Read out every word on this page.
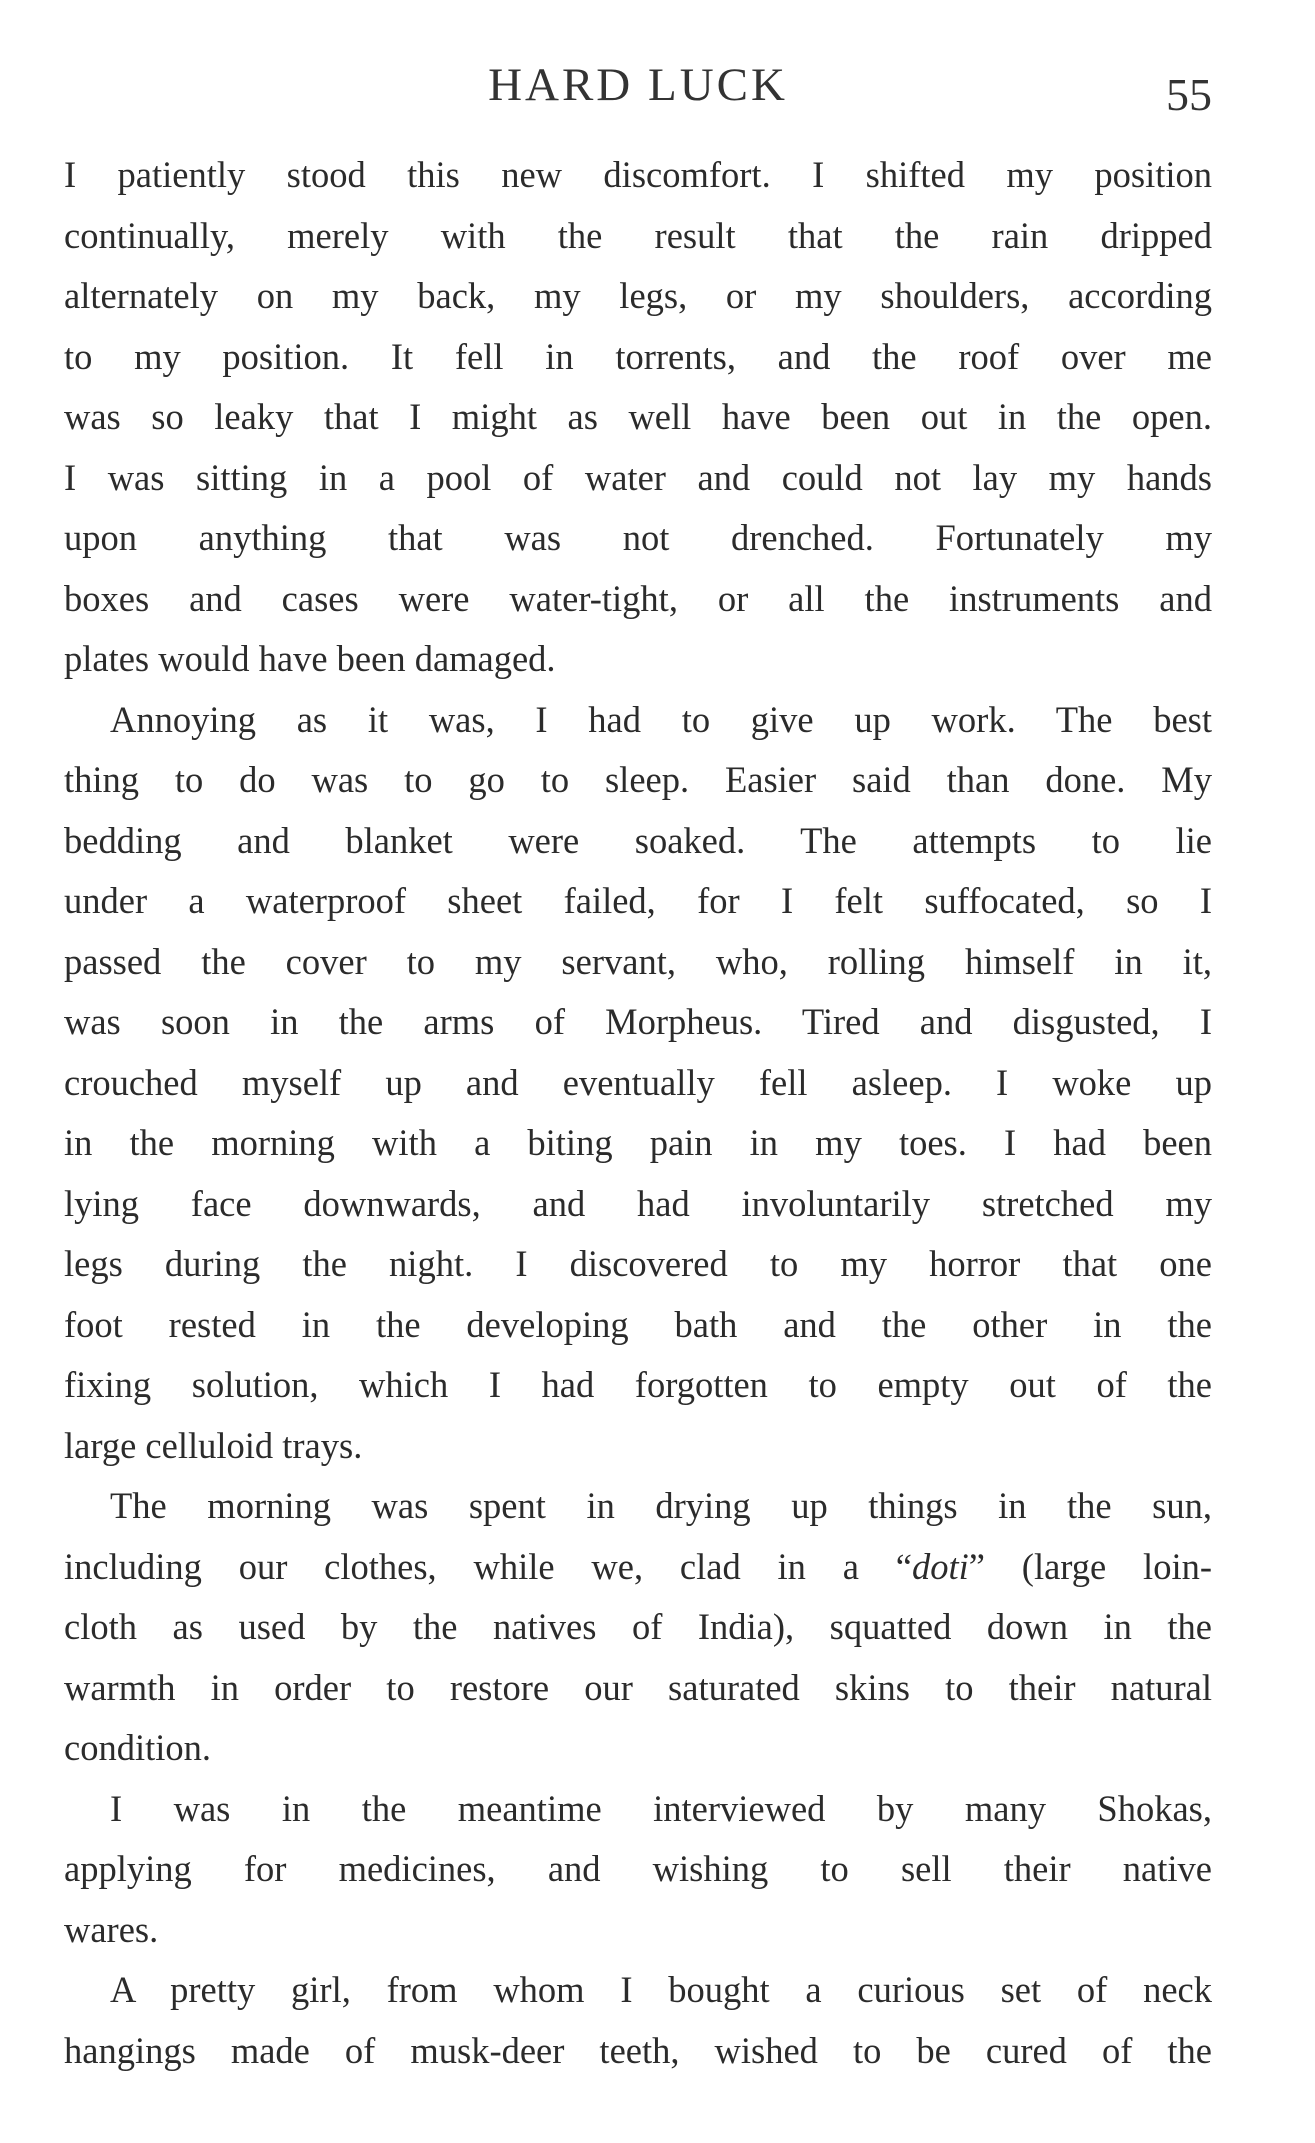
HARD LUCK	55

I patiently stood this new discomfort. I shifted my position
continually, merely with the result that the rain dripped
alternately on my back, my legs, or my shoulders, according
to my position. It fell in torrents, and the roof over me
was so leaky that I might as well have been out in the open.
I was sitting in a pool of water and could not lay my hands
upon anything that was not drenched. Fortunately my
boxes and cases were water-tight, or all the instruments and
plates would have been damaged.

Annoying as it was, I had to give up work. The best
thing to do was to go to sleep. Easier said than done. My
bedding and blanket were soaked. The attempts to lie
under a waterproof sheet failed, for I felt suffocated, so I
passed the cover to my servant, who, rolling himself in it,
was soon in the arms of Morpheus. Tired and disgusted, I
crouched myself up and eventually fell asleep. I woke up
in the morning with a biting pain in my toes. I had been
lying face downwards, and had involuntarily stretched my
legs during the night. I discovered to my horror that one
foot rested in the developing bath and the other in the
fixing solution, which I had forgotten to empty out of the
large celluloid trays.

The morning was spent in drying up things in the sun,
including our clothes, while we, clad in a “doti” (large loin-
cloth as used by the natives of India), squatted down in the
warmth in order to restore our saturated skins to their natural
condition.

I was in the meantime interviewed by many Shokas,
applying for medicines, and wishing to sell their native
wares.

A pretty girl, from whom I bought a curious set of neck
hangings made of musk-deer teeth, wished to be cured of the
